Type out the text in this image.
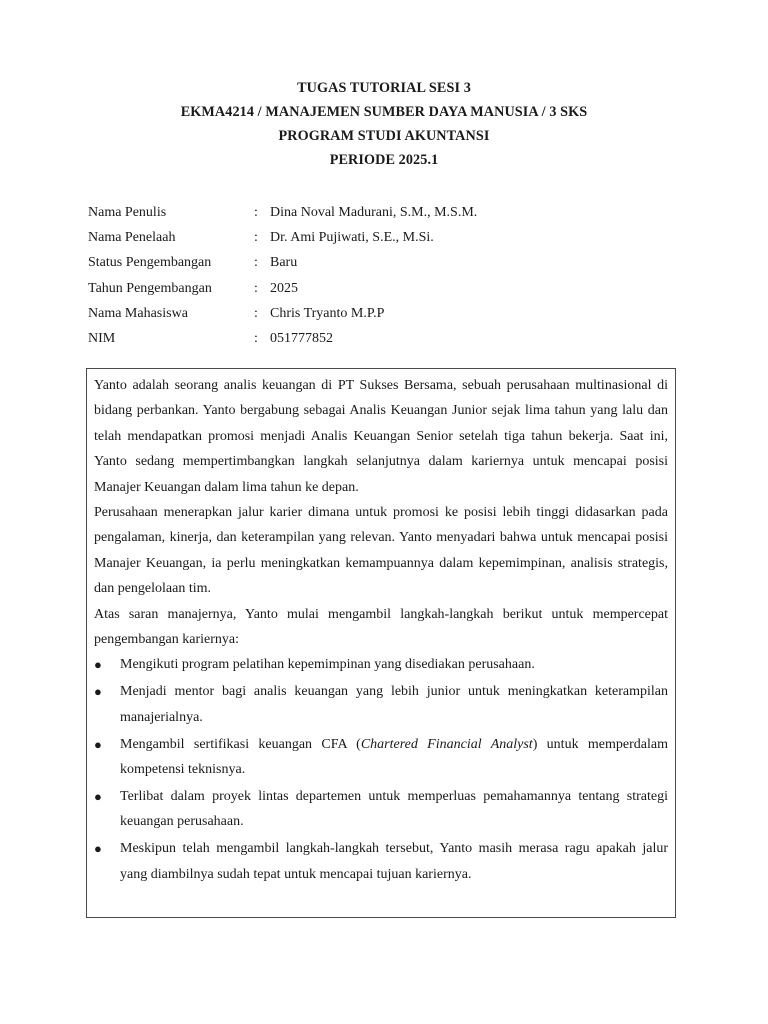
TUGAS TUTORIAL SESI 3
EKMA4214 / MANAJEMEN SUMBER DAYA MANUSIA / 3 SKS
PROGRAM STUDI AKUNTANSI
PERIODE 2025.1
Nama Penulis	: Dina Noval Madurani, S.M., M.S.M.
Nama Penelaah	: Dr. Ami Pujiwati, S.E., M.Si.
Status Pengembangan	: Baru
Tahun Pengembangan	: 2025
Nama Mahasiswa	: Chris Tryanto M.P.P
NIM	: 051777852
Yanto adalah seorang analis keuangan di PT Sukses Bersama, sebuah perusahaan multinasional di bidang perbankan. Yanto bergabung sebagai Analis Keuangan Junior sejak lima tahun yang lalu dan telah mendapatkan promosi menjadi Analis Keuangan Senior setelah tiga tahun bekerja. Saat ini, Yanto sedang mempertimbangkan langkah selanjutnya dalam kariernya untuk mencapai posisi Manajer Keuangan dalam lima tahun ke depan.
Perusahaan menerapkan jalur karier dimana untuk promosi ke posisi lebih tinggi didasarkan pada pengalaman, kinerja, dan keterampilan yang relevan. Yanto menyadari bahwa untuk mencapai posisi Manajer Keuangan, ia perlu meningkatkan kemampuannya dalam kepemimpinan, analisis strategis, dan pengelolaan tim.
Atas saran manajernya, Yanto mulai mengambil langkah-langkah berikut untuk mempercepat pengembangan kariernya:
● Mengikuti program pelatihan kepemimpinan yang disediakan perusahaan.
● Menjadi mentor bagi analis keuangan yang lebih junior untuk meningkatkan keterampilan manajerialnya.
● Mengambil sertifikasi keuangan CFA (Chartered Financial Analyst) untuk memperdalam kompetensi teknisnya.
● Terlibat dalam proyek lintas departemen untuk memperluas pemahamannya tentang strategi keuangan perusahaan.
● Meskipun telah mengambil langkah-langkah tersebut, Yanto masih merasa ragu apakah jalur yang diambilnya sudah tepat untuk mencapai tujuan kariernya.
